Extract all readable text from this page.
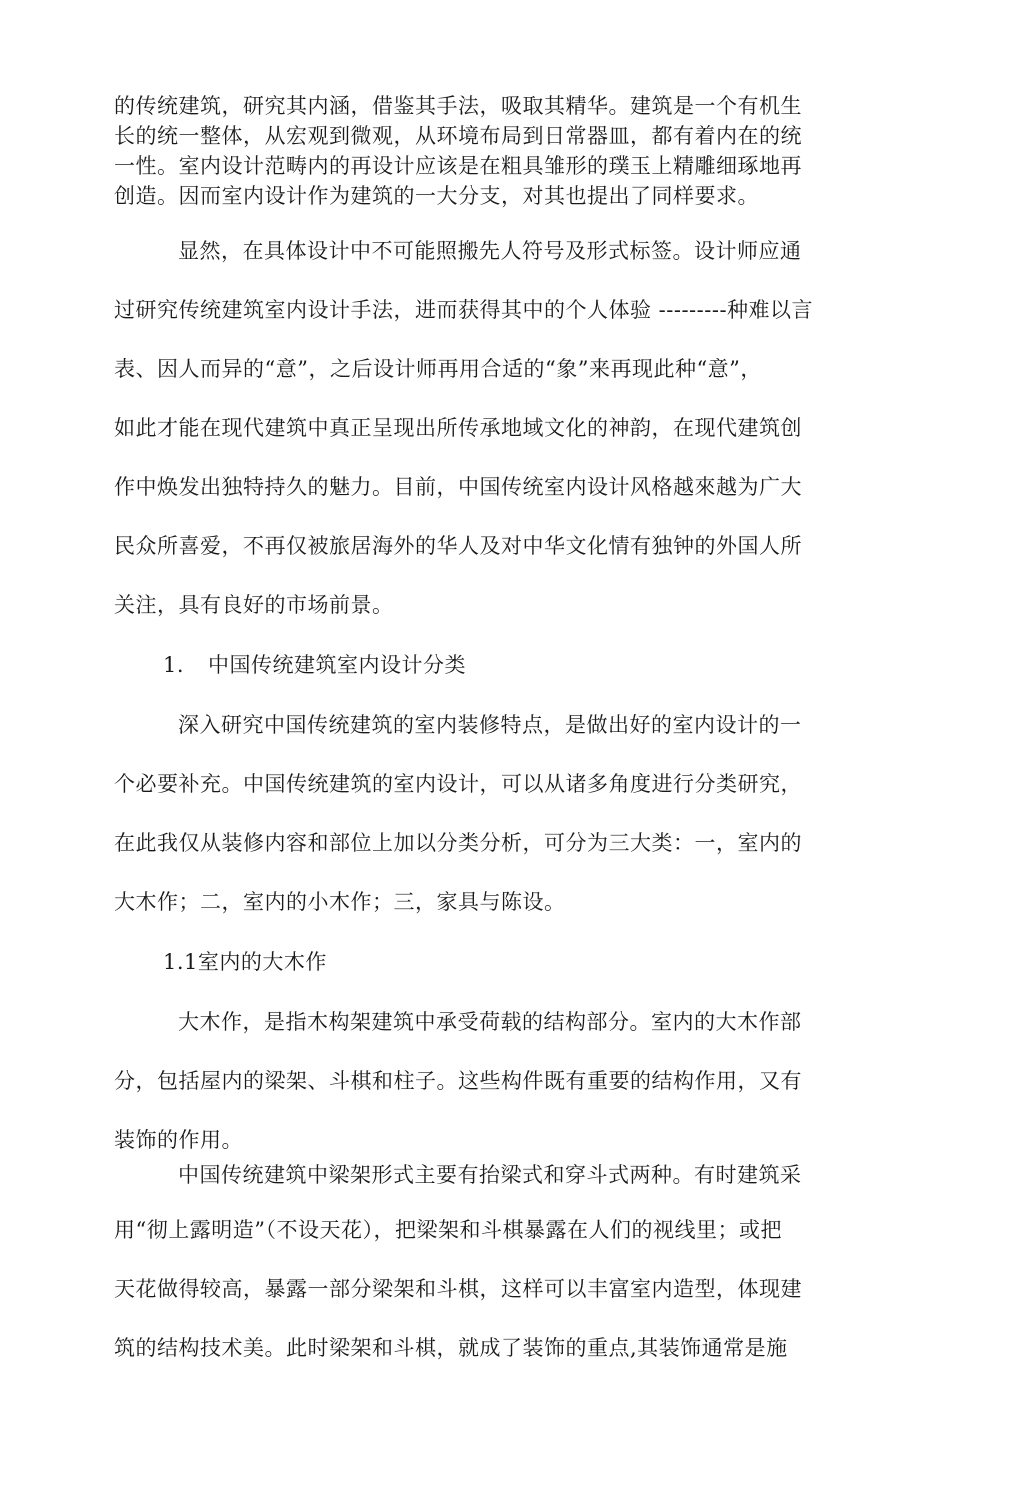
的传统建筑，研究其内涵，借鉴其手法，吸取其精华。建筑是一个有机生
长的统一整体，从宏观到微观，从环境布局到日常器皿，都有着内在的统
一性。室内设计范畴内的再设计应该是在粗具雏形的璞玉上精雕细琢地再
创造。因而室内设计作为建筑的一大分支，对其也提出了同样要求。
显然，在具体设计中不可能照搬先人符号及形式标签。设计师应通
过研究传统建筑室内设计手法，进而获得其中的个人体验 ---------种难以言
表、因人而异的“意”，之后设计师再用合适的“象”来再现此种“意”，
如此才能在现代建筑中真正呈现出所传承地域文化的神韵，在现代建筑创
作中焕发出独特持久的魅力。目前，中国传统室内设计风格越來越为广大
民众所喜爱，不再仅被旅居海外的华人及对中华文化情有独钟的外国人所
关注，具有良好的市场前景。
1. 中国传统建筑室内设计分类
深入研究中国传统建筑的室内装修特点，是做出好的室内设计的一
个必要补充。中国传统建筑的室内设计，可以从诸多角度进行分类研究，
在此我仅从装修内容和部位上加以分类分析，可分为三大类：一，室内的
大木作；二，室内的小木作；三，家具与陈设。
1.1室内的大木作
大木作，是指木构架建筑中承受荷载的结构部分。室内的大木作部
分，包括屋内的梁架、斗棋和柱子。这些构件既有重要的结构作用，又有
装饰的作用。
中国传统建筑中梁架形式主要有抬梁式和穿斗式两种。有时建筑采
用“彻上露明造”（不设天花），把梁架和斗棋暴露在人们的视线里；或把
天花做得较高，暴露一部分梁架和斗棋，这样可以丰富室内造型，体现建
筑的结构技术美。此时梁架和斗棋，就成了装饰的重点,其装饰通常是施
